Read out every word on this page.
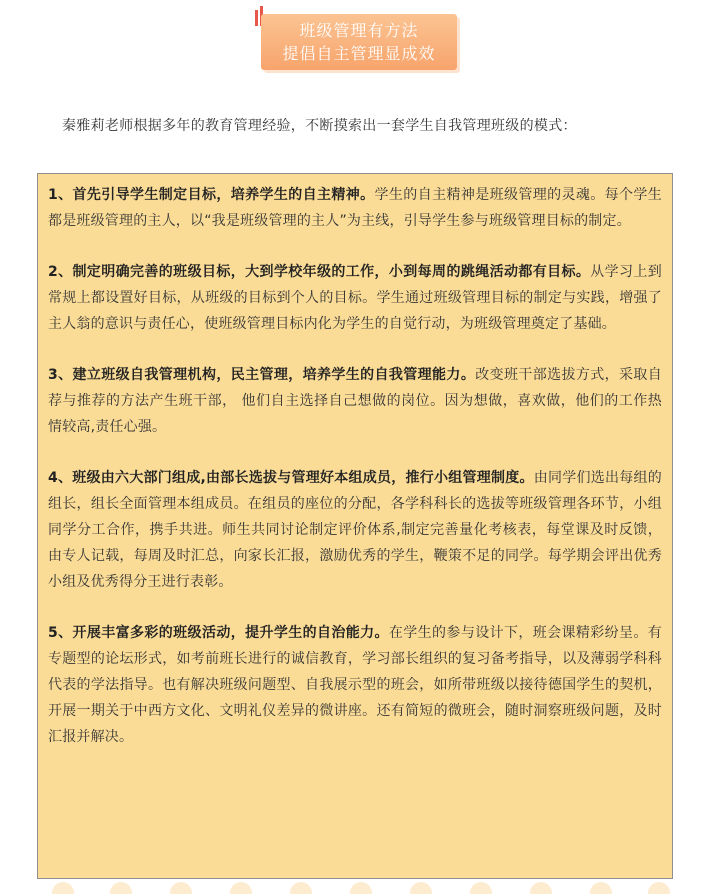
班级管理有方法
提倡自主管理显成效
秦雅莉老师根据多年的教育管理经验，不断摸索出一套学生自我管理班级的模式：

1、首先引导学生制定目标，培养学生的自主精神。学生的自主精神是班级管理的灵魂。每个学生都是班级管理的主人，以“我是班级管理的主人”为主线，引导学生参与班级管理目标的制定。

2、制定明确完善的班级目标，大到学校年级的工作，小到每周的跳绳活动都有目标。从学习上到常规上都设置好目标，从班级的目标到个人的目标。学生通过班级管理目标的制定与实践，增强了主人翁的意识与责任心，使班级管理目标内化为学生的自觉行动，为班级管理奠定了基础。

3、建立班级自我管理机构，民主管理，培养学生的自我管理能力。改变班干部选拔方式，采取自荐与推荐的方法产生班干部， 他们自主选择自己想做的岗位。因为想做，喜欢做，他们的工作热情较高,责任心强。

4、班级由六大部门组成,由部长选拔与管理好本组成员，推行小组管理制度。由同学们选出每组的组长，组长全面管理本组成员。在组员的座位的分配，各学科科长的选拔等班级管理各环节，小组同学分工合作，携手共进。师生共同讨论制定评价体系,制定完善量化考核表，每堂课及时反馈，由专人记载，每周及时汇总，向家长汇报，激励优秀的学生，鞭策不足的同学。每学期会评出优秀小组及优秀得分王进行表彰。

5、开展丰富多彩的班级活动，提升学生的自治能力。在学生的参与设计下，班会课精彩纷呈。有专题型的论坛形式，如考前班长进行的诚信教育，学习部长组织的复习备考指导，以及薄弱学科科代表的学法指导。也有解决班级问题型、自我展示型的班会，如所带班级以接待德国学生的契机，开展一期关于中西方文化、文明礼仪差异的微讲座。还有简短的微班会，随时洞察班级问题，及时汇报并解决。
